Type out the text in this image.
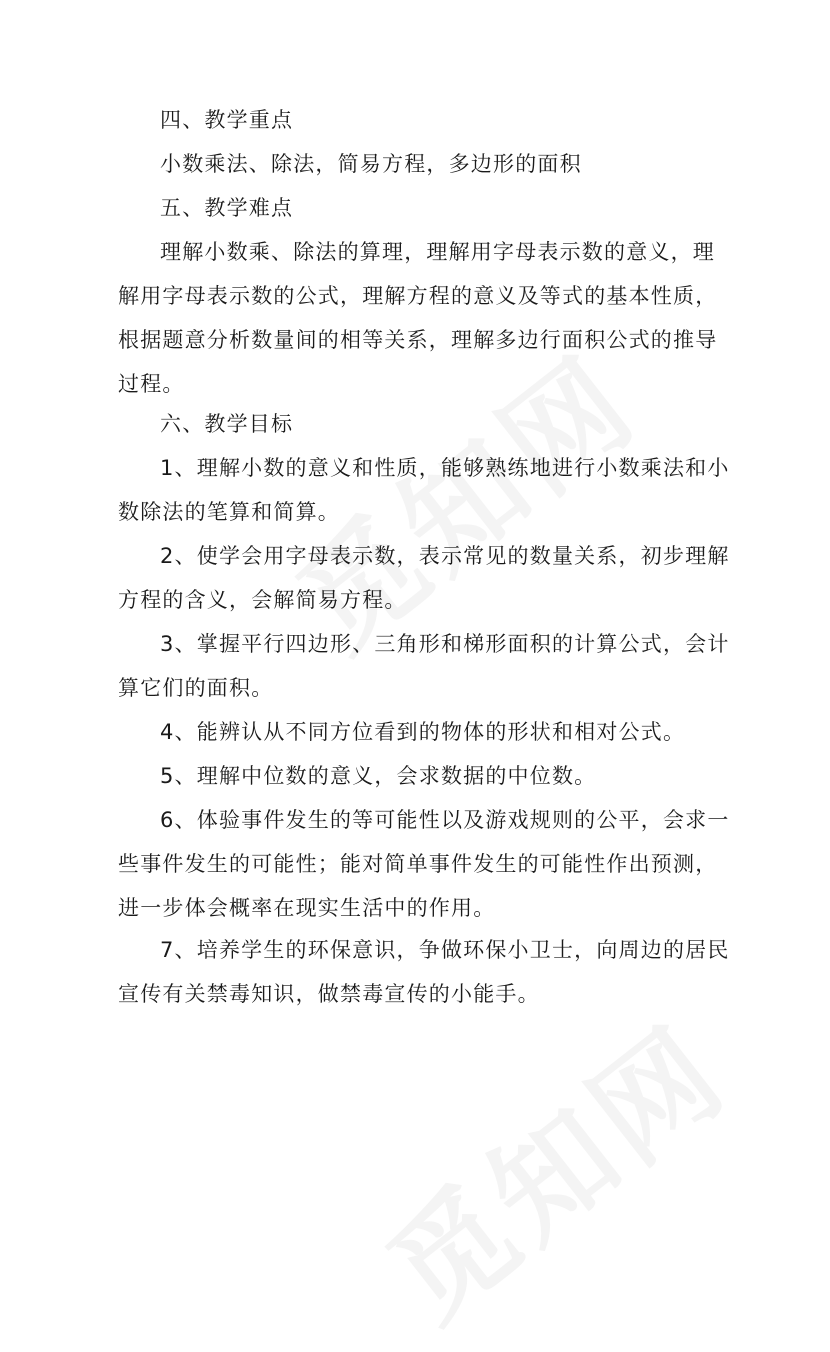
四、教学重点
小数乘法、除法，简易方程，多边形的面积
五、教学难点
理解小数乘、除法的算理，理解用字母表示数的意义，理
解用字母表示数的公式，理解方程的意义及等式的基本性质，
根据题意分析数量间的相等关系，理解多边行面积公式的推导
过程。
六、教学目标
1、理解小数的意义和性质，能够熟练地进行小数乘法和小
数除法的笔算和简算。
2、使学会用字母表示数，表示常见的数量关系，初步理解
方程的含义，会解简易方程。
3、掌握平行四边形、三角形和梯形面积的计算公式，会计
算它们的面积。
4、能辨认从不同方位看到的物体的形状和相对公式。
5、理解中位数的意义，会求数据的中位数。
6、体验事件发生的等可能性以及游戏规则的公平，会求一
些事件发生的可能性；能对简单事件发生的可能性作出预测，
进一步体会概率在现实生活中的作用。
7、培养学生的环保意识，争做环保小卫士，向周边的居民
宣传有关禁毒知识，做禁毒宣传的小能手。
